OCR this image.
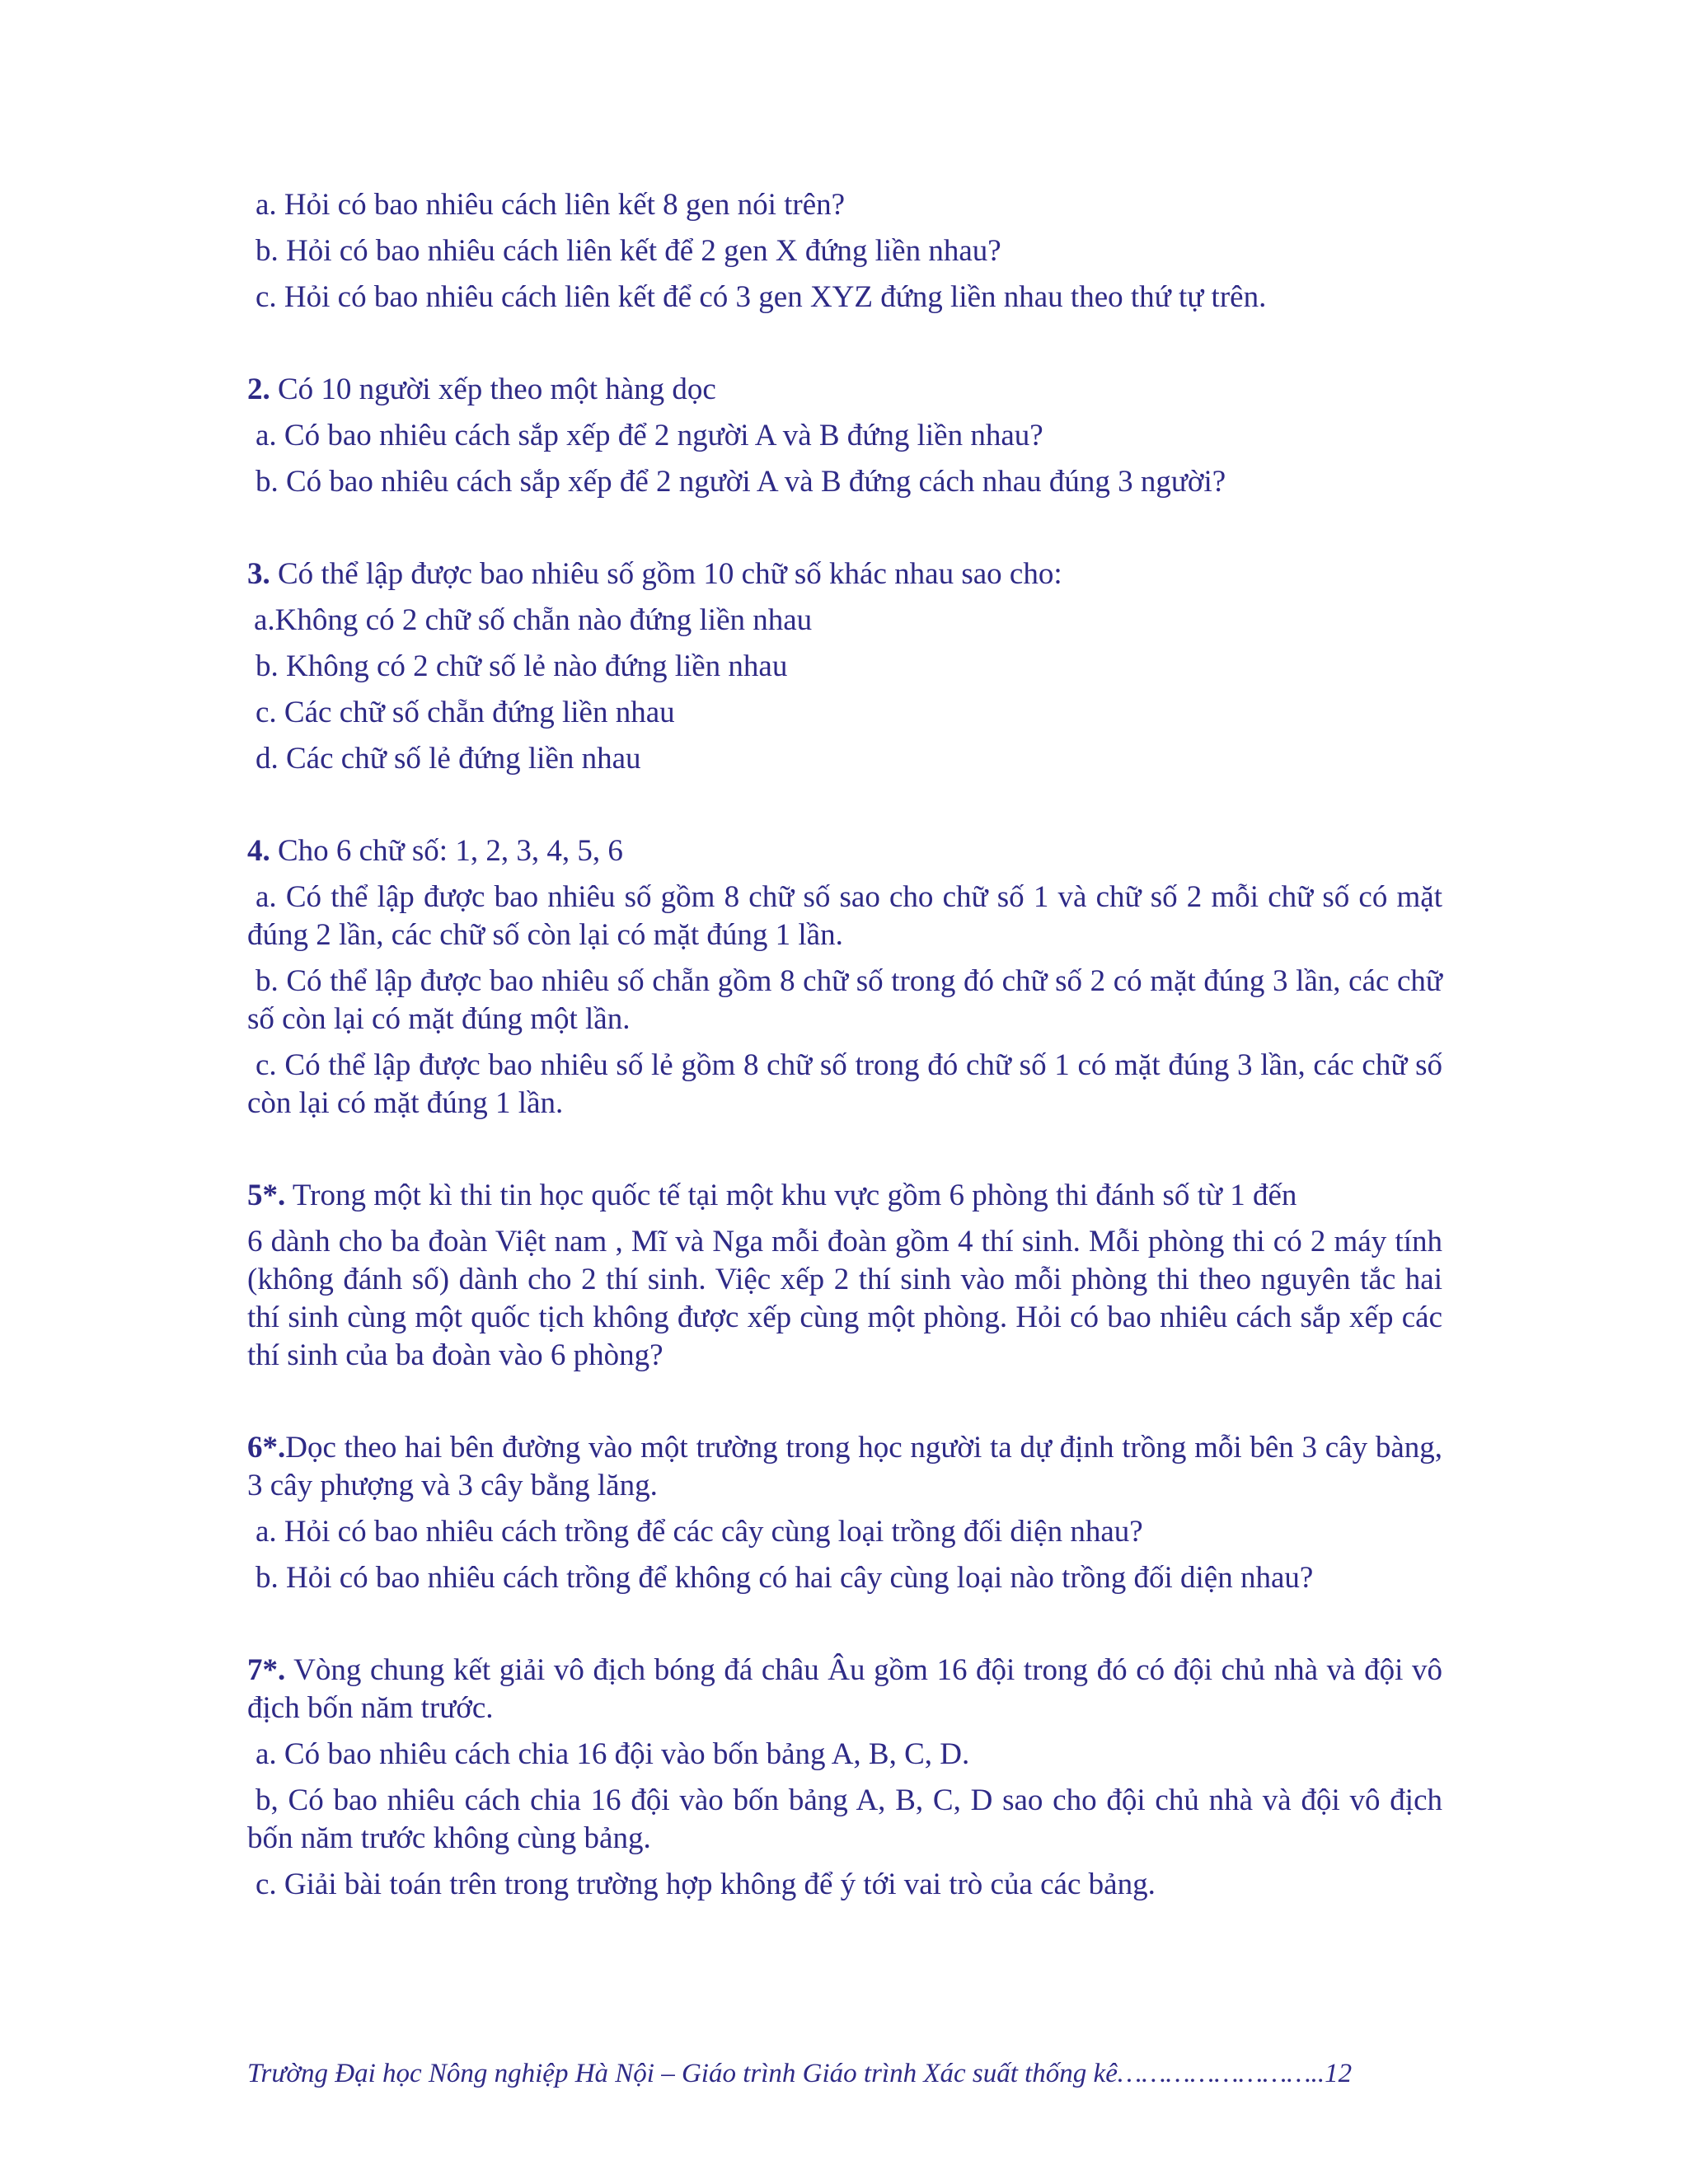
a. Hỏi có bao nhiêu cách liên kết 8 gen nói trên?
b. Hỏi có bao nhiêu cách liên kết để 2 gen X đứng liền nhau?
c. Hỏi có bao nhiêu cách liên kết để có 3 gen XYZ đứng liền nhau theo thứ tự trên.
2. Có 10 người xếp theo một hàng dọc
a. Có bao nhiêu cách sắp xếp để 2 người A và B đứng liền nhau?
b. Có bao nhiêu cách sắp xếp để 2 người A và B đứng cách nhau đúng 3 người?
3. Có thể lập được bao nhiêu số gồm 10 chữ số khác nhau sao cho:
a.Không có 2 chữ số chẵn nào đứng liền nhau
b. Không có 2 chữ số lẻ nào đứng liền nhau
c. Các chữ số chẵn đứng liền nhau
d. Các chữ số lẻ đứng liền nhau
4. Cho 6 chữ số: 1, 2, 3, 4, 5, 6
a. Có thể lập được bao nhiêu số gồm 8 chữ số sao cho chữ số 1 và chữ số 2 mỗi chữ số có mặt đúng 2 lần, các chữ số còn lại có mặt đúng 1 lần.
b. Có thể lập được bao nhiêu số chẵn gồm 8 chữ số trong đó chữ số 2 có mặt đúng 3 lần, các chữ số còn lại có mặt đúng một lần.
c. Có thể lập được bao nhiêu số lẻ gồm 8 chữ số trong đó chữ số 1 có mặt đúng 3 lần, các chữ số còn lại có mặt đúng 1 lần.
5*. Trong một kì thi tin học quốc tế tại một khu vực gồm 6 phòng thi đánh số từ 1 đến
6 dành cho ba đoàn Việt nam , Mĩ và Nga mỗi đoàn gồm 4 thí sinh. Mỗi phòng thi có 2 máy tính (không đánh số) dành cho 2 thí sinh. Việc xếp 2 thí sinh vào mỗi phòng thi theo nguyên tắc hai thí sinh cùng một quốc tịch không được xếp cùng một phòng. Hỏi có bao nhiêu cách sắp xếp các thí sinh của ba đoàn vào 6 phòng?
6*.Dọc theo hai bên đường vào một trường trong học người ta dự định trồng mỗi bên 3 cây bàng, 3 cây phượng và 3 cây bằng lăng.
a. Hỏi có bao nhiêu cách trồng để các cây cùng loại trồng đối diện nhau?
b. Hỏi có bao nhiêu cách trồng để không có hai cây cùng loại nào trồng đối diện nhau?
7*. Vòng chung kết giải vô địch bóng đá châu Âu gồm 16 đội trong đó có đội chủ nhà và đội vô địch bốn năm trước.
a. Có bao nhiêu cách chia 16 đội vào bốn bảng A, B, C, D.
b, Có bao nhiêu cách chia 16 đội vào bốn bảng A, B, C, D sao cho đội chủ nhà và đội vô địch bốn năm trước không cùng bảng.
c. Giải bài toán trên trong trường hợp không để ý tới vai trò của các bảng.
Trường Đại học Nông nghiệp Hà Nội – Giáo trình Giáo trình Xác suất thống kê……………………..12
